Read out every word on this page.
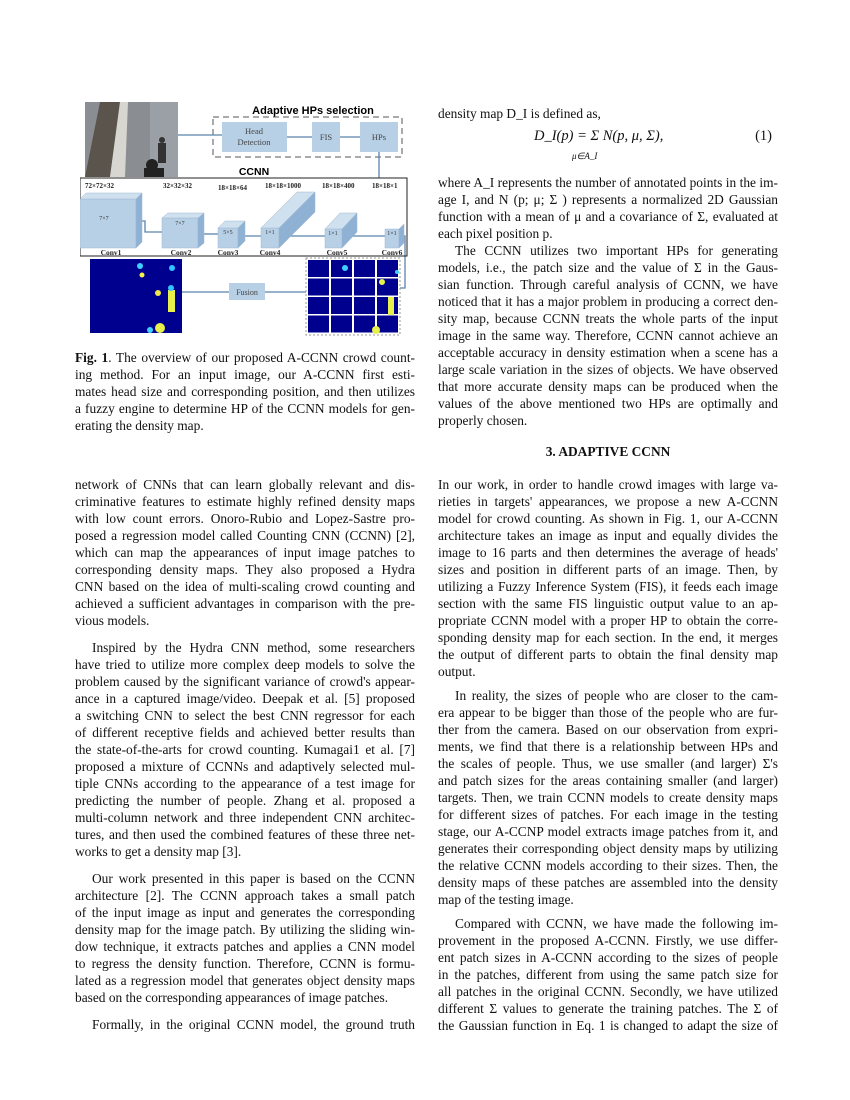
Adaptive HPs selection
Head
Detection	FIS	HPs
CCNN
72×72×32	32×32×32	18×18×64	18×18×1000	18×18×400	18×18×1
7×7
7×7
5×5	1×1	1×1	1×1
Conv1	Conv2	Conv3	Conv4	Conv5	Conv6
Fusion
Fig. 1. The overview of our proposed A-CCNN crowd count-
ing method. For an input image, our A-CCNN first esti-
mates head size and corresponding position, and then utilizes
a fuzzy engine to determine HP of the CCNN models for gen-
erating the density map.
network of CNNs that can learn globally relevant and dis-
criminative features to estimate highly refined density maps
with low count errors. Onoro-Rubio and Lopez-Sastre pro-
posed a regression model called Counting CNN (CCNN) [2],
which can map the appearances of input image patches to
corresponding density maps. They also proposed a Hydra
CNN based on the idea of multi-scaling crowd counting and
achieved a sufficient advantages in comparison with the pre-
vious models.
Inspired by the Hydra CNN method, some researchers
have tried to utilize more complex deep models to solve the
problem caused by the significant variance of crowd's appear-
ance in a captured image/video. Deepak et al. [5] proposed
a switching CNN to select the best CNN regressor for each
of different receptive fields and achieved better results than
the state-of-the-arts for crowd counting. Kumagai1 et al. [7]
proposed a mixture of CCNNs and adaptively selected mul-
tiple CNNs according to the appearance of a test image for
predicting the number of people. Zhang et al. proposed a
multi-column network and three independent CNN architec-
tures, and then used the combined features of these three net-
works to get a density map [3].
Our work presented in this paper is based on the CCNN
architecture [2]. The CCNN approach takes a small patch
of the input image as input and generates the corresponding
density map for the image patch. By utilizing the sliding win-
dow technique, it extracts patches and applies a CNN model
to regress the density function. Therefore, CCNN is formu-
lated as a regression model that generates object density maps
based on the corresponding appearances of image patches.
Formally, in the original CCNN model, the ground truth
density map D_I is defined as,
D_I(p) = Σ N(p, μ, Σ),
μ∈A_I
(1)
where A_I represents the number of annotated points in the im-
age I, and N (p; μ; Σ ) represents a normalized 2D Gaussian
function with a mean of μ and a covariance of Σ, evaluated at
each pixel position p.
The CCNN utilizes two important HPs for generating
models, i.e., the patch size and the value of Σ in the Gaus-
sian function. Through careful analysis of CCNN, we have
noticed that it has a major problem in producing a correct den-
sity map, because CCNN treats the whole parts of the input
image in the same way. Therefore, CCNN cannot achieve an
acceptable accuracy in density estimation when a scene has a
large scale variation in the sizes of objects. We have observed
that more accurate density maps can be produced when the
values of the above mentioned two HPs are optimally and
properly chosen.
3. ADAPTIVE CCNN
In our work, in order to handle crowd images with large va-
rieties in targets' appearances, we propose a new A-CCNN
model for crowd counting. As shown in Fig. 1, our A-CCNN
architecture takes an image as input and equally divides the
image to 16 parts and then determines the average of heads'
sizes and position in different parts of an image. Then, by
utilizing a Fuzzy Inference System (FIS), it feeds each image
section with the same FIS linguistic output value to an ap-
propriate CCNN model with a proper HP to obtain the corre-
sponding density map for each section. In the end, it merges
the output of different parts to obtain the final density map
output.
In reality, the sizes of people who are closer to the cam-
era appear to be bigger than those of the people who are fur-
ther from the camera. Based on our observation from expri-
ments, we find that there is a relationship between HPs and
the scales of people. Thus, we use smaller (and larger) Σ's
and patch sizes for the areas containing smaller (and larger)
targets. Then, we train CCNN models to create density maps
for different sizes of patches. For each image in the testing
stage, our A-CCNP model extracts image patches from it, and
generates their corresponding object density maps by utilizing
the relative CCNN models according to their sizes. Then, the
density maps of these patches are assembled into the density
map of the testing image.
Compared with CCNN, we have made the following im-
provement in the proposed A-CCNN. Firstly, we use differ-
ent patch sizes in A-CCNN according to the sizes of people
in the patches, different from using the same patch size for
all patches in the original CCNN. Secondly, we have utilized
different Σ values to generate the training patches. The Σ of
the Gaussian function in Eq. 1 is changed to adapt the size of
